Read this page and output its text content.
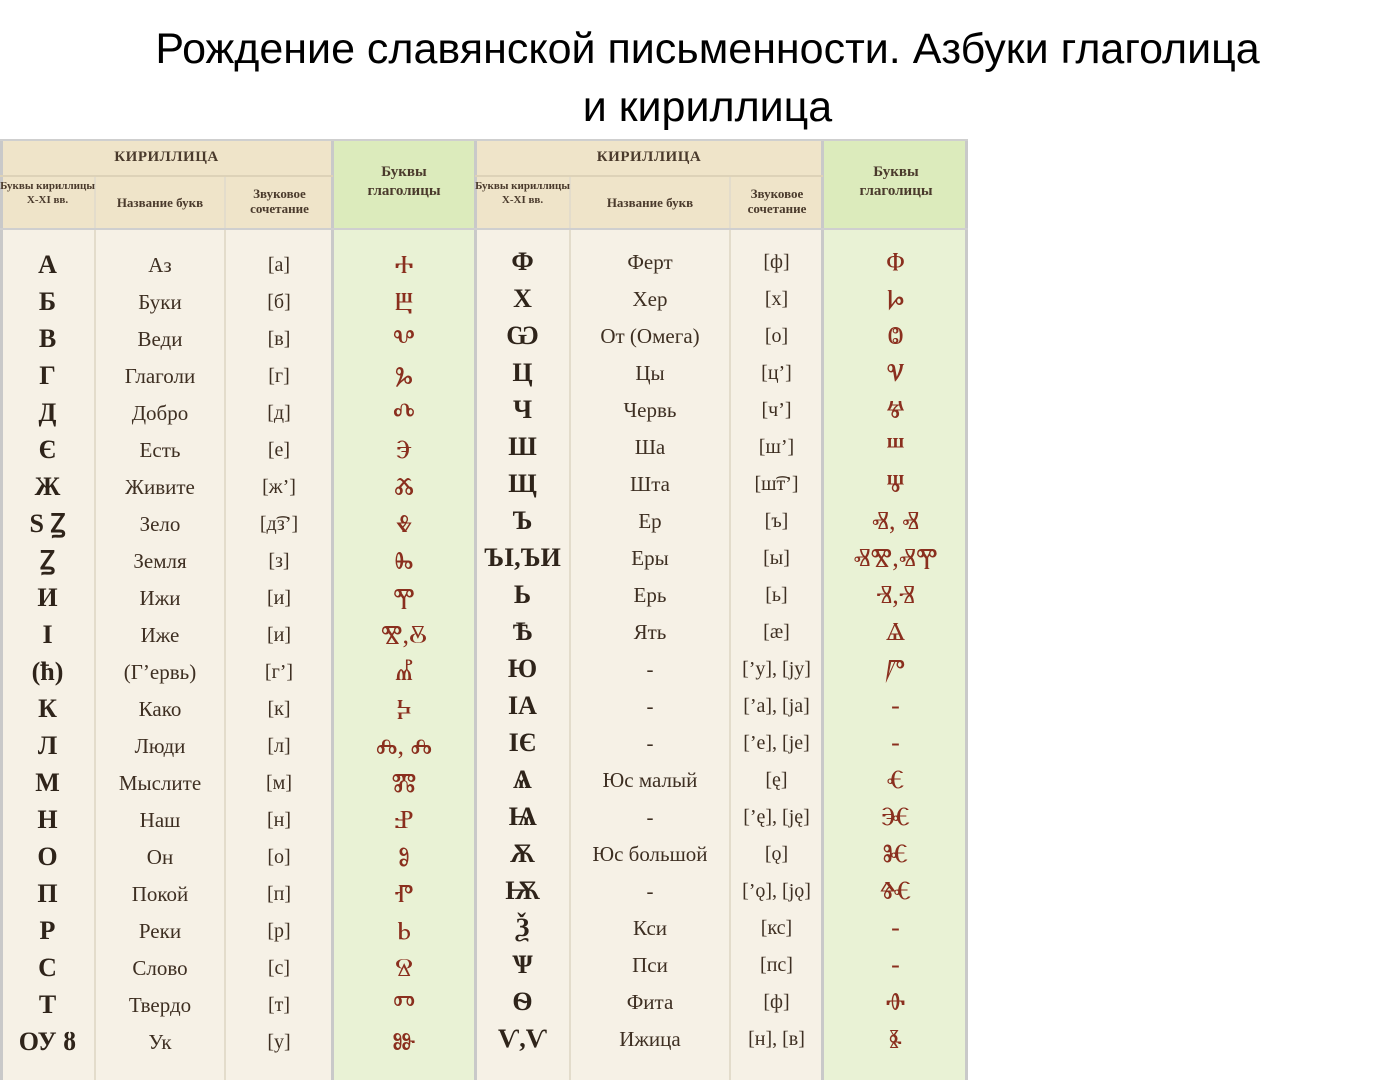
Рождение славянской письменности. Азбуки глаголица
и кириллица
КИРИЛЛИЦА
Буквы кириллицы X-XI вв.	Название букв
Звуковое сочетание
Буквы глаголицы
КИРИЛЛИЦА
Буквы кириллицы X-XI вв.	Название букв
Звуковое сочетание
Буквы глаголицы
А	Аз	[а]	Ⰰ
Б	Буки	[б]	Ⰱ
В	Веди	[в]	Ⰲ
Г	Глаголи	[г]	Ⰳ
Д	Добро	[д]	Ⰴ
Є	Есть	[е]	Ⰵ
Ж	Живите	[ж’]	Ⰶ
S Ꙁ	Зело	[д͡з’]	Ⰷ
Ꙁ	Земля	[з]	Ⰸ
И	Ижи	[и]	Ⰹ
І	Иже	[и]	Ⰺ,Ⰻ
(ћ)	(Г’ервь)	[г’]	Ⰼ
К	Како	[к]	Ⰽ
Л	Люди	[л]	Ⰾ, Ⰾ
М	Мыслите	[м]	Ⰿ
Н	Наш	[н]	Ⱀ
О	Он	[о]	Ⱁ
П	Покой	[п]	Ⱂ
Р	Реки	[р]	Ⱃ
С	Слово	[с]	Ⱄ
Т	Твердо	[т]	Ⱅ
ОУ ȣ	Ук	[у]	Ⱆ
Ф	Ферт	[ф]	Ⱇ
Х	Хер	[х]	Ⱈ
Ѡ	От (Омега)	[о]	Ⱉ
Ц	Цы	[ц’]	Ⱌ
Ч	Червь	[ч’]	Ⱍ
Ш	Ша	[ш’]	Ⱎ
Щ	Шта	[ш͡т’]	Ⱋ
Ъ	Ер	[ъ]	Ⱏ, Ⱏ
ЪІ,ЪИ	Еры	[ы]	ⰟⰊ,ⰟⰉ
Ь	Ерь	[ь]	Ⱐ,Ⱐ
Ѣ	Ять	[æ]	Ⱑ
Ю	-	[’у], [jу]	Ⱓ
ІА	-	[’а], [jа]	-
ІЄ	-	[’е], [jе]	-
Ѧ	Юс малый	[ę]	Ⱔ
Ѩ	-	[’ę], [ję]	Ⱗ
Ѫ	Юс большой	[ǫ]	Ⱘ
Ѭ	-	[’ǫ], [jǫ]	Ⱙ
Ѯ	Кси	[кс]	-
Ѱ	Пси	[пс]	-
Ѳ	Фита	[ф]	Ⱚ
Ѵ,Ѵ	Ижица	[н], [в]	Ⱛ
